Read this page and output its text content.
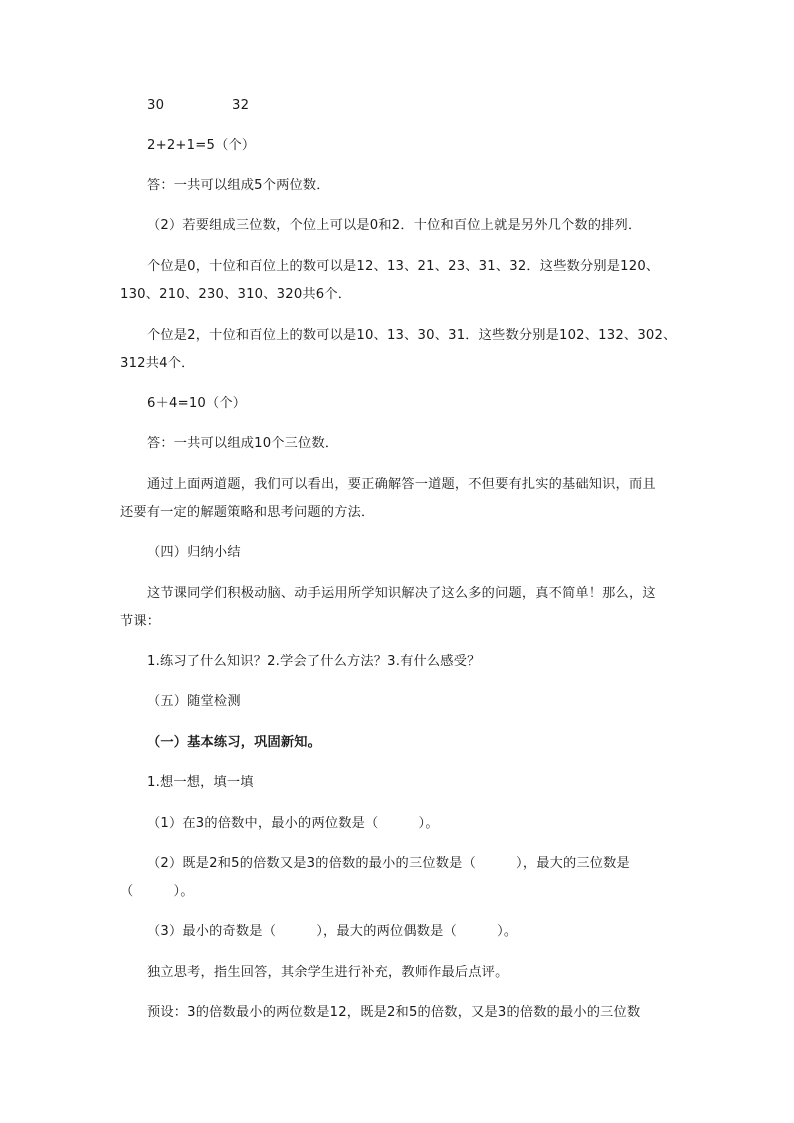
30	32
2+2+1=5（个）
答：一共可以组成5个两位数．
（2）若要组成三位数，个位上可以是0和2．十位和百位上就是另外几个数的排列．
个位是0，十位和百位上的数可以是12、13、21、23、31、32．这些数分别是120、
130、210、230、310、320共6个．
个位是2，十位和百位上的数可以是10、13、30、31．这些数分别是102、132、302、
312共4个．
6＋4=10（个）
答：一共可以组成10个三位数．
通过上面两道题，我们可以看出，要正确解答一道题，不但要有扎实的基础知识，而且
还要有一定的解题策略和思考问题的方法．
（四）归纳小结
这节课同学们积极动脑、动手运用所学知识解决了这么多的问题，真不简单！那么，这
节课：
1.练习了什么知识？2.学会了什么方法？3.有什么感受？
（五）随堂检测
（一）基本练习，巩固新知。
1.想一想，填一填
（1）在3的倍数中，最小的两位数是（　　　）。
（2）既是2和5的倍数又是3的倍数的最小的三位数是（　　　），最大的三位数是
（　　　）。
（3）最小的奇数是（　　　），最大的两位偶数是（　　　）。
独立思考，指生回答，其余学生进行补充，教师作最后点评。
预设：3的倍数最小的两位数是12，既是2和5的倍数，又是3的倍数的最小的三位数
